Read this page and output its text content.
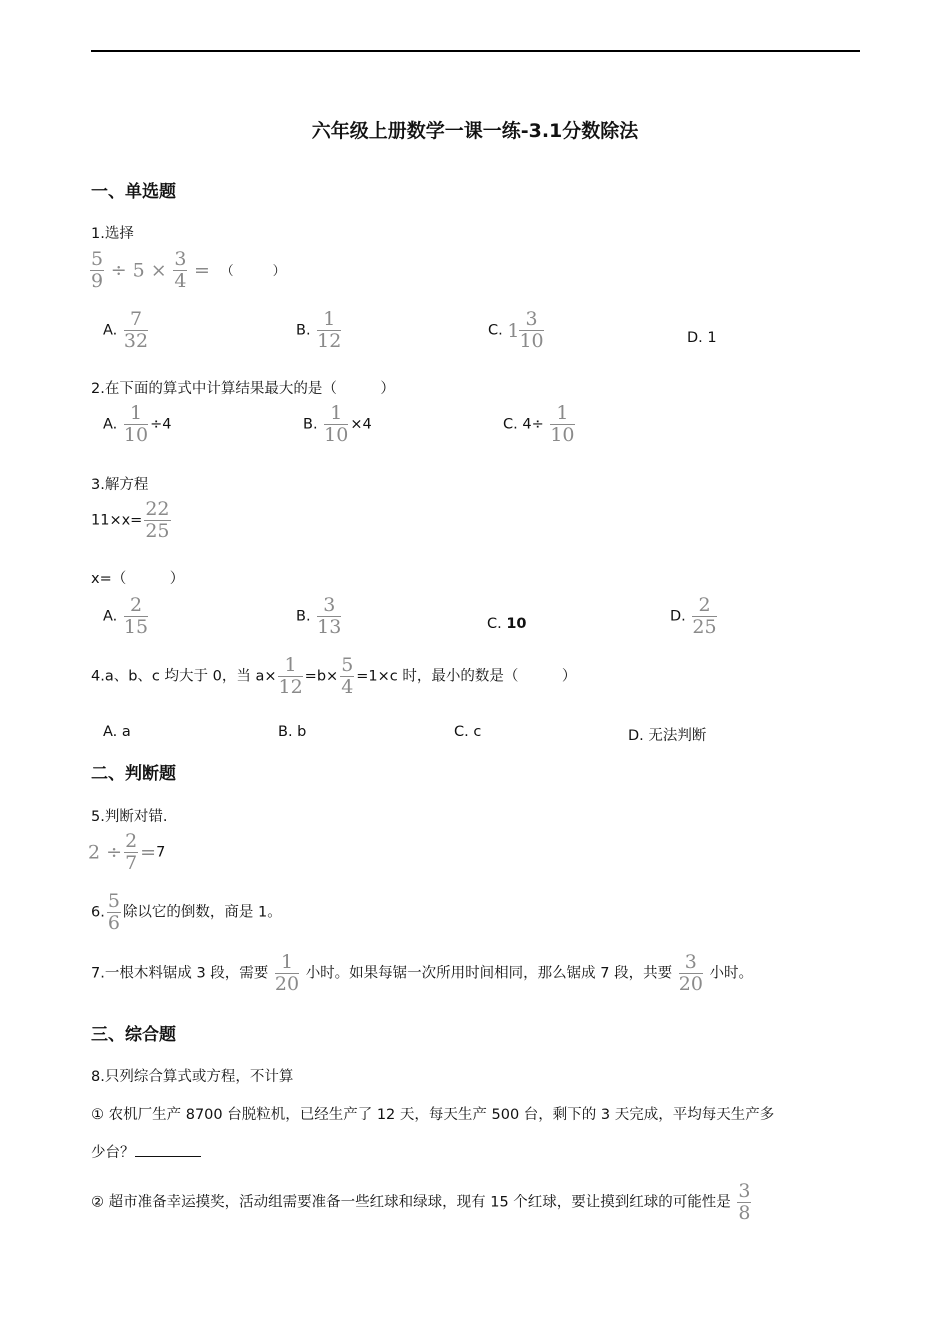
六年级上册数学一课一练-3.1分数除法
一、单选题
1.选择
$\frac{5}{9} \div 5 \times \frac{3}{4}$ = （　　　）
A. $\frac{7}{32}$	B. $\frac{1}{12}$	C. $1 \frac{3}{10}$	D. 1
2.在下面的算式中计算结果最大的是（　　　）
A. $\frac{1}{10} \div 4$	B. $\frac{1}{10} \times 4$	C. $4\div \frac{1}{10}$
3.解方程
$11\times x= \frac{22}{25}$
x=（　　　）
A. $\frac{2}{15}$	B. $\frac{3}{13}$	C. 10	D. $\frac{2}{25}$
4.a、b、c 均大于 0，当 $a\times \frac{1}{12} =b\times \frac{5}{4} =1\times c$ 时，最小的数是（　　　）
A. a	B. b	C. c	D. 无法判断
二、判断题
5.判断对错.
$2 \div \frac{2}{7} =7$
6. $\frac{5}{6}$ 除以它的倒数，商是 1。
7.一根木料锯成 3 段，需要 $\frac{1}{20}$ 小时。如果每锯一次所用时间相同，那么锯成 7 段，共要 $\frac{3}{20}$ 小时。
三、综合题
8.只列综合算式或方程，不计算
① 农机厂生产 8700 台脱粒机，已经生产了 12 天，每天生产 500 台，剩下的 3 天完成，平均每天生产多
少台？
② 超市准备幸运摸奖，活动组需要准备一些红球和绿球，现有 15 个红球，要让摸到红球的可能性是 $\frac{3}{8}$
